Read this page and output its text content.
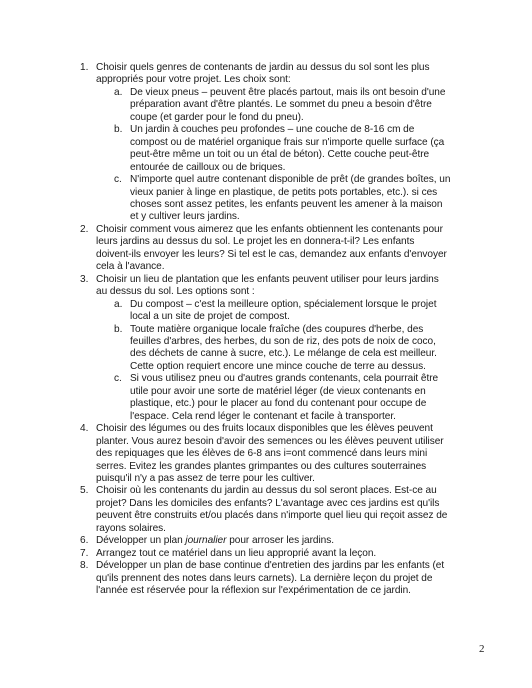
1. Choisir quels genres de contenants de jardin au dessus du sol sont les plus appropriés pour votre projet. Les choix sont:
a. De vieux pneus – peuvent être placés partout, mais ils ont besoin d'une préparation avant d'être plantés. Le sommet du pneu a besoin d'être coupe (et garder pour le fond du pneu).
b. Un jardin à couches peu profondes – une couche de 8-16 cm de compost ou de matériel organique frais sur n'importe quelle surface (ça peut-être même un toit ou un étal de béton). Cette couche peut-être entourée de cailloux ou de briques.
c. N'importe quel autre contenant disponible de prêt (de grandes boîtes, un vieux panier à linge en plastique, de petits pots portables, etc.). si ces choses sont assez petites, les enfants peuvent les amener à la maison et y cultiver leurs jardins.
2. Choisir comment vous aimerez que les enfants obtiennent les contenants pour leurs jardins au dessus du sol. Le projet les en donnera-t-il? Les enfants doivent-ils envoyer les leurs? Si tel est le cas, demandez aux enfants d'envoyer cela à l'avance.
3. Choisir un lieu de plantation que les enfants peuvent utiliser pour leurs jardins au dessus du sol. Les options sont :
a. Du compost – c'est la meilleure option, spécialement lorsque le projet local a un site de projet de compost.
b. Toute matière organique locale fraîche (des coupures d'herbe, des feuilles d'arbres, des herbes, du son de riz, des pots de noix de coco, des déchets de canne à sucre, etc.). Le mélange de cela est meilleur. Cette option requiert encore une mince couche de terre au dessus.
c. Si vous utilisez pneu ou d'autres grands contenants, cela pourrait être utile pour avoir une sorte de matériel léger (de vieux contenants en plastique, etc.) pour le placer au fond du contenant pour occupe de l'espace. Cela rend léger le contenant et facile à transporter.
4. Choisir des légumes ou des fruits locaux disponibles que les élèves peuvent planter. Vous aurez besoin d'avoir des semences ou les élèves peuvent utiliser des repiquages que les élèves de 6-8 ans i=ont commencé dans leurs mini serres. Evitez les grandes plantes grimpantes ou des cultures souterraines puisqu'il n'y a pas assez de terre pour les cultiver.
5. Choisir où les contenants du jardin au dessus du sol seront places. Est-ce au projet? Dans les domiciles des enfants? L'avantage avec ces jardins est qu'ils peuvent être construits et/ou placés dans n'importe quel lieu qui reçoit assez de rayons solaires.
6. Développer un plan journalier pour arroser les jardins.
7. Arrangez tout ce matériel dans un lieu approprié avant la leçon.
8. Développer un plan de base continue d'entretien des jardins par les enfants (et qu'ils prennent des notes dans leurs carnets). La dernière leçon du projet de l'année est réservée pour la réflexion sur l'expérimentation de ce jardin.
2
